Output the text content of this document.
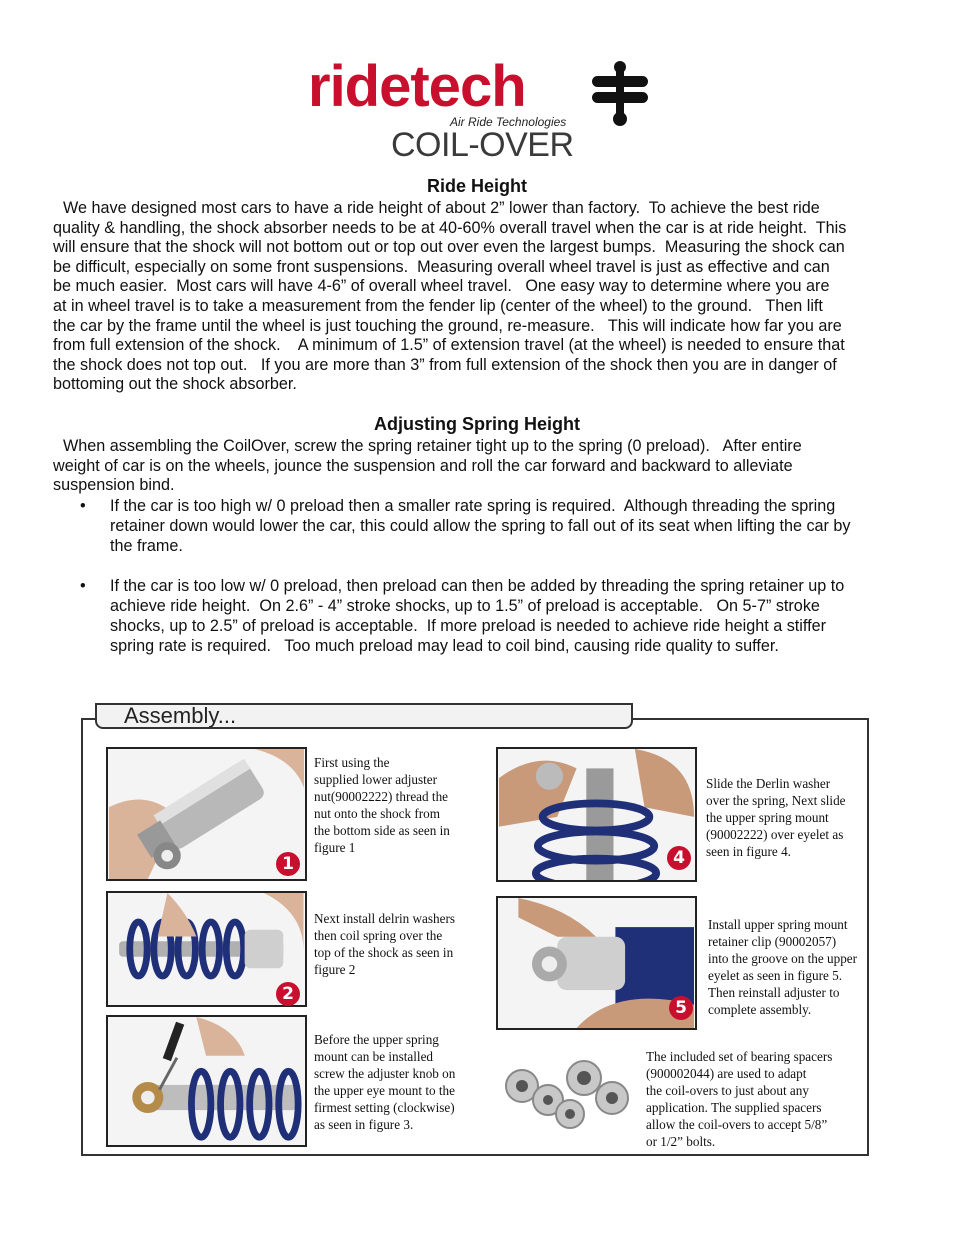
ridetech
Air Ride Technologies
COIL-OVER
Ride Height
We have designed most cars to have a ride height of about 2” lower than factory.  To achieve the best ride
quality & handling, the shock absorber needs to be at 40-60% overall travel when the car is at ride height.  This
will ensure that the shock will not bottom out or top out over even the largest bumps.  Measuring the shock can
be difficult, especially on some front suspensions.  Measuring overall wheel travel is just as effective and can
be much easier.  Most cars will have 4-6” of overall wheel travel.   One easy way to determine where you are
at in wheel travel is to take a measurement from the fender lip (center of the wheel) to the ground.   Then lift
the car by the frame until the wheel is just touching the ground, re-measure.   This will indicate how far you are
from full extension of the shock.    A minimum of 1.5” of extension travel (at the wheel) is needed to ensure that
the shock does not top out.   If you are more than 3” from full extension of the shock then you are in danger of
bottoming out the shock absorber.
Adjusting Spring Height
When assembling the CoilOver, screw the spring retainer tight up to the spring (0 preload).   After entire
weight of car is on the wheels, jounce the suspension and roll the car forward and backward to alleviate
suspension bind.
• If the car is too high w/ 0 preload then a smaller rate spring is required.  Although threading the spring
retainer down would lower the car, this could allow the spring to fall out of its seat when lifting the car by
the frame.
• If the car is too low w/ 0 preload, then preload can then be added by threading the spring retainer up to
achieve ride height.  On 2.6” - 4” stroke shocks, up to 1.5” of preload is acceptable.   On 5-7” stroke
shocks, up to 2.5” of preload is acceptable.  If more preload is needed to achieve ride height a stiffer
spring rate is required.   Too much preload may lead to coil bind, causing ride quality to suffer.
Assembly...
1
First using the
supplied lower adjuster
nut(90002222) thread the
nut onto the shock from
the bottom side as seen in
figure 1
2
Next install delrin washers
then coil spring over the
top of the shock as seen in
figure 2
Before the upper spring
mount can be installed
screw the adjuster knob on
the upper eye mount to the
firmest setting (clockwise)
as seen in figure 3.
4
Slide the Derlin washer
over the spring, Next slide
the upper spring mount
(90002222) over eyelet as
seen in figure 4.
5
Install upper spring mount
retainer clip (90002057)
into the groove on the upper
eyelet as seen in figure 5.
Then reinstall adjuster to
complete assembly.
The included set of bearing spacers
(900002044) are used to adapt
the coil-overs to just about any
application. The supplied spacers
allow the coil-overs to accept 5/8”
or 1/2” bolts.
